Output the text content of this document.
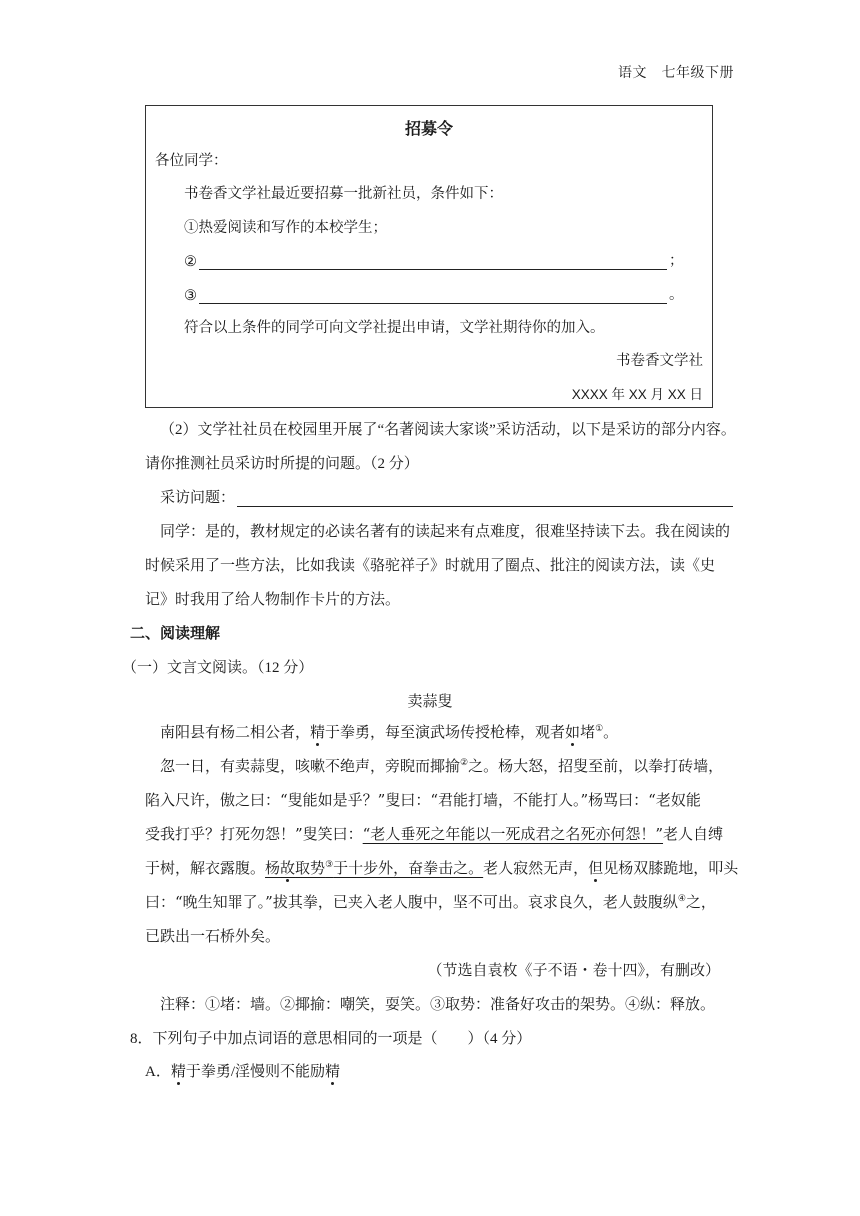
语文　七年级下册
招募令
各位同学：
书卷香文学社最近要招募一批新社员，条件如下：
①热爱阅读和写作的本校学生；
②	；
③	。
符合以上条件的同学可向文学社提出申请，文学社期待你的加入。
书卷香文学社
XXXX 年 XX 月 XX 日
（2）文学社社员在校园里开展了“名著阅读大家谈”采访活动，以下是采访的部分内容。
请你推测社员采访时所提的问题。（2 分）
采访问题：
同学：是的，教材规定的必读名著有的读起来有点难度，很难坚持读下去。我在阅读的
时候采用了一些方法，比如我读《骆驼祥子》时就用了圈点、批注的阅读方法，读《史
记》时我用了给人物制作卡片的方法。
二、阅读理解
（一）文言文阅读。（12 分）
卖蒜叟
南阳县有杨二相公者，精于拳勇，每至演武场传授枪棒，观者如堵①。
忽一日，有卖蒜叟，咳嗽不绝声，旁睨而揶揄②之。杨大怒，招叟至前，以拳打砖墙，
陷入尺许，傲之曰：“叟能如是乎？”叟曰：“君能打墙，不能打人。”杨骂曰：“老奴能
受我打乎？打死勿怨！”叟笑曰：“老人垂死之年能以一死成君之名死亦何怨！”老人自缚
于树，解衣露腹。杨故取势③于十步外，奋拳击之。老人寂然无声，但见杨双膝跪地，叩头
曰：“晚生知罪了。”拔其拳，已夹入老人腹中，坚不可出。哀求良久，老人鼓腹纵④之，
已跌出一石桥外矣。
（节选自袁枚《子不语・卷十四》，有删改）
注释：①堵：墙。②揶揄：嘲笑，耍笑。③取势：准备好攻击的架势。④纵：释放。
8．下列句子中加点词语的意思相同的一项是（　　）（4 分）
A．精于拳勇/淫慢则不能励精
